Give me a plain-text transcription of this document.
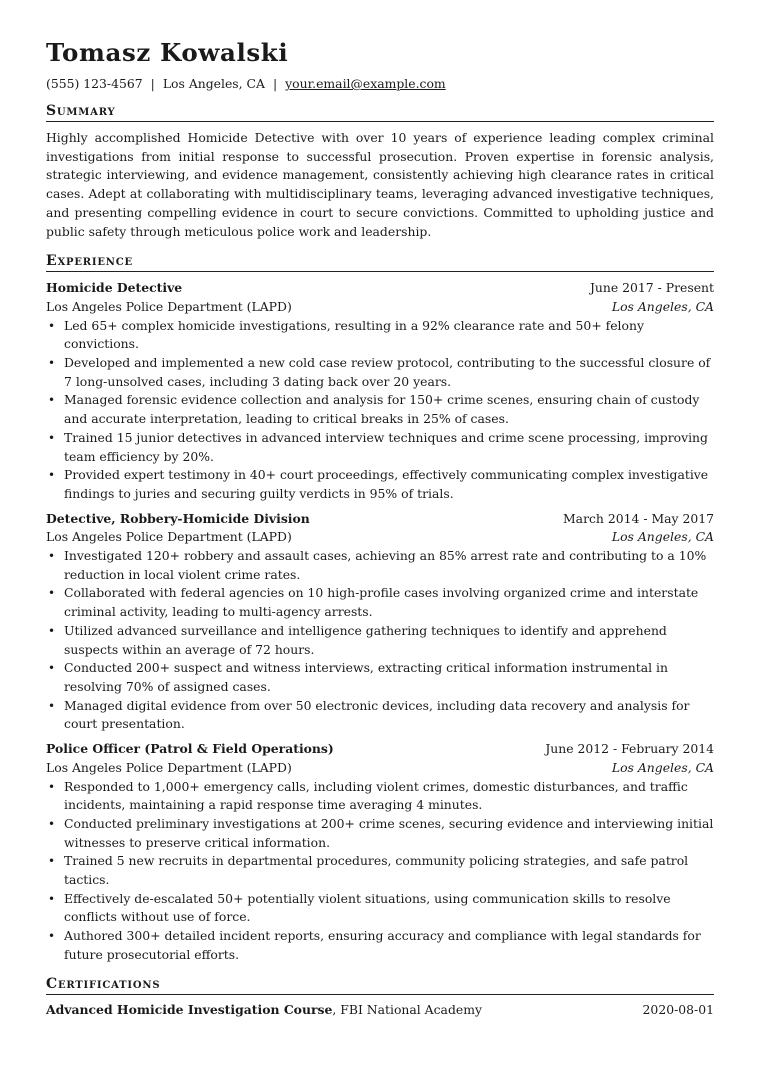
Tomasz Kowalski
(555) 123-4567 | Los Angeles, CA | your.email@example.com
Summary
Highly accomplished Homicide Detective with over 10 years of experience leading complex criminal investigations from initial response to successful prosecution. Proven expertise in forensic analysis, strategic interviewing, and evidence management, consistently achieving high clearance rates in critical cases. Adept at collaborating with multidisciplinary teams, leveraging advanced investigative techniques, and presenting compelling evidence in court to secure convictions. Committed to upholding justice and public safety through meticulous police work and leadership.
Experience
Homicide Detective	June 2017 - Present
Los Angeles Police Department (LAPD)	Los Angeles, CA
• Led 65+ complex homicide investigations, resulting in a 92% clearance rate and 50+ felony convictions.
• Developed and implemented a new cold case review protocol, contributing to the successful closure of 7 long-unsolved cases, including 3 dating back over 20 years.
• Managed forensic evidence collection and analysis for 150+ crime scenes, ensuring chain of custody and accurate interpretation, leading to critical breaks in 25% of cases.
• Trained 15 junior detectives in advanced interview techniques and crime scene processing, improving team efficiency by 20%.
• Provided expert testimony in 40+ court proceedings, effectively communicating complex investigative findings to juries and securing guilty verdicts in 95% of trials.
Detective, Robbery-Homicide Division	March 2014 - May 2017
Los Angeles Police Department (LAPD)	Los Angeles, CA
• Investigated 120+ robbery and assault cases, achieving an 85% arrest rate and contributing to a 10% reduction in local violent crime rates.
• Collaborated with federal agencies on 10 high-profile cases involving organized crime and interstate criminal activity, leading to multi-agency arrests.
• Utilized advanced surveillance and intelligence gathering techniques to identify and apprehend suspects within an average of 72 hours.
• Conducted 200+ suspect and witness interviews, extracting critical information instrumental in resolving 70% of assigned cases.
• Managed digital evidence from over 50 electronic devices, including data recovery and analysis for court presentation.
Police Officer (Patrol & Field Operations)	June 2012 - February 2014
Los Angeles Police Department (LAPD)	Los Angeles, CA
• Responded to 1,000+ emergency calls, including violent crimes, domestic disturbances, and traffic incidents, maintaining a rapid response time averaging 4 minutes.
• Conducted preliminary investigations at 200+ crime scenes, securing evidence and interviewing initial witnesses to preserve critical information.
• Trained 5 new recruits in departmental procedures, community policing strategies, and safe patrol tactics.
• Effectively de-escalated 50+ potentially violent situations, using communication skills to resolve conflicts without use of force.
• Authored 300+ detailed incident reports, ensuring accuracy and compliance with legal standards for future prosecutorial efforts.
Certifications
Advanced Homicide Investigation Course, FBI National Academy	2020-08-01
